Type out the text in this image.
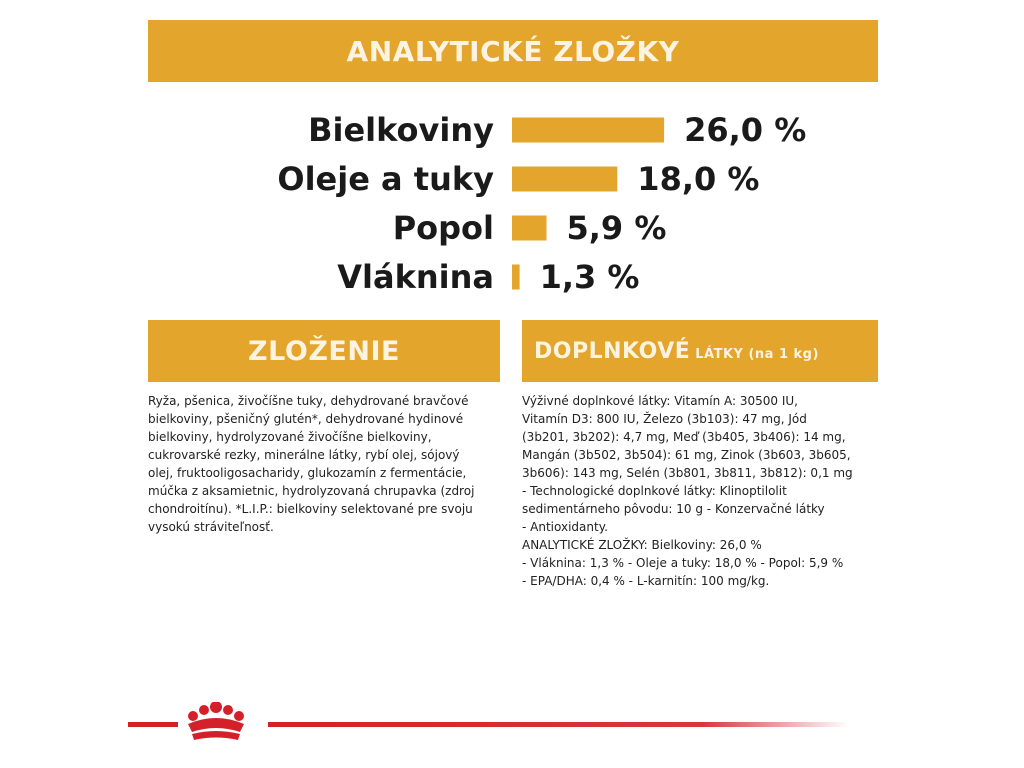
ANALYTICKÉ ZLOŽKY
Bielkoviny	26,0 %
Oleje a tuky	18,0 %
Popol 5,9 %
Vláknina 1,3 %
ZLOŽENIE	DOPLNKOVÉ LÁTKY (na 1 kg)
Ryža, pšenica, živočíšne tuky, dehydrované bravčové
bielkoviny, pšeničný glutén*, dehydrované hydinové
bielkoviny, hydrolyzované živočíšne bielkoviny,
cukrovarské rezky, minerálne látky, rybí olej, sójový
olej, fruktooligosacharidy, glukozamín z fermentácie,
múčka z aksamietnic, hydrolyzovaná chrupavka (zdroj
chondroitínu). *L.I.P.: bielkoviny selektované pre svoju
vysokú stráviteľnosť.
Výživné doplnkové látky: Vitamín A: 30500 IU,
Vitamín D3: 800 IU, Železo (3b103): 47 mg, Jód
(3b201, 3b202): 4,7 mg, Meď (3b405, 3b406): 14 mg,
Mangán (3b502, 3b504): 61 mg, Zinok (3b603, 3b605,
3b606): 143 mg, Selén (3b801, 3b811, 3b812): 0,1 mg
- Technologické doplnkové látky: Klinoptilolit
sedimentárneho pôvodu: 10 g - Konzervačné látky
- Antioxidanty.
ANALYTICKÉ ZLOŽKY: Bielkoviny: 26,0 %
- Vláknina: 1,3 % - Oleje a tuky: 18,0 % - Popol: 5,9 %
- EPA/DHA: 0,4 % - L-karnitín: 100 mg/kg.
